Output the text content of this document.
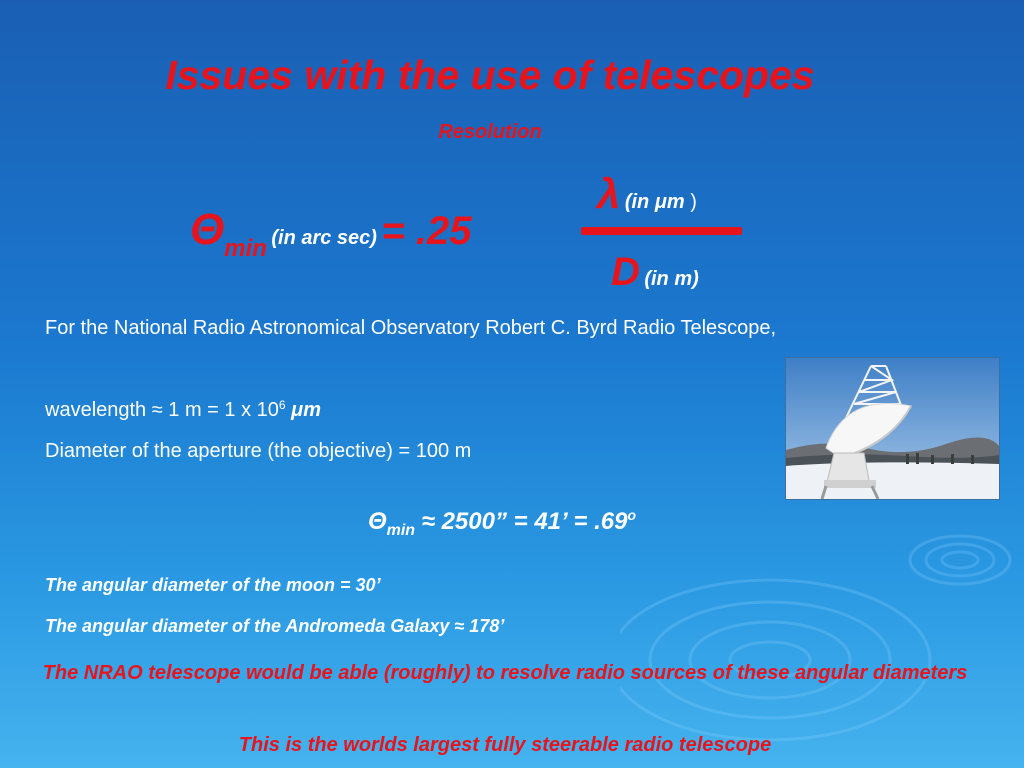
Issues with the use of telescopes
Resolution
Θmin (in arc sec) = .25
λ (in μm )
D (in m)
For the National Radio Astronomical Observatory Robert C. Byrd Radio Telescope,
wavelength ≈ 1 m = 1 x $10^6$ μm
Diameter of the aperture (the objective) = 100 m
$\Theta_{min} \approx 2500$” = 41’ = $.69^o$
The angular diameter of the moon = 30’
The angular diameter of the Andromeda Galaxy ≈ 178’
The NRAO telescope would be able (roughly) to resolve radio sources of these angular diameters
This is the worlds largest fully steerable radio telescope
